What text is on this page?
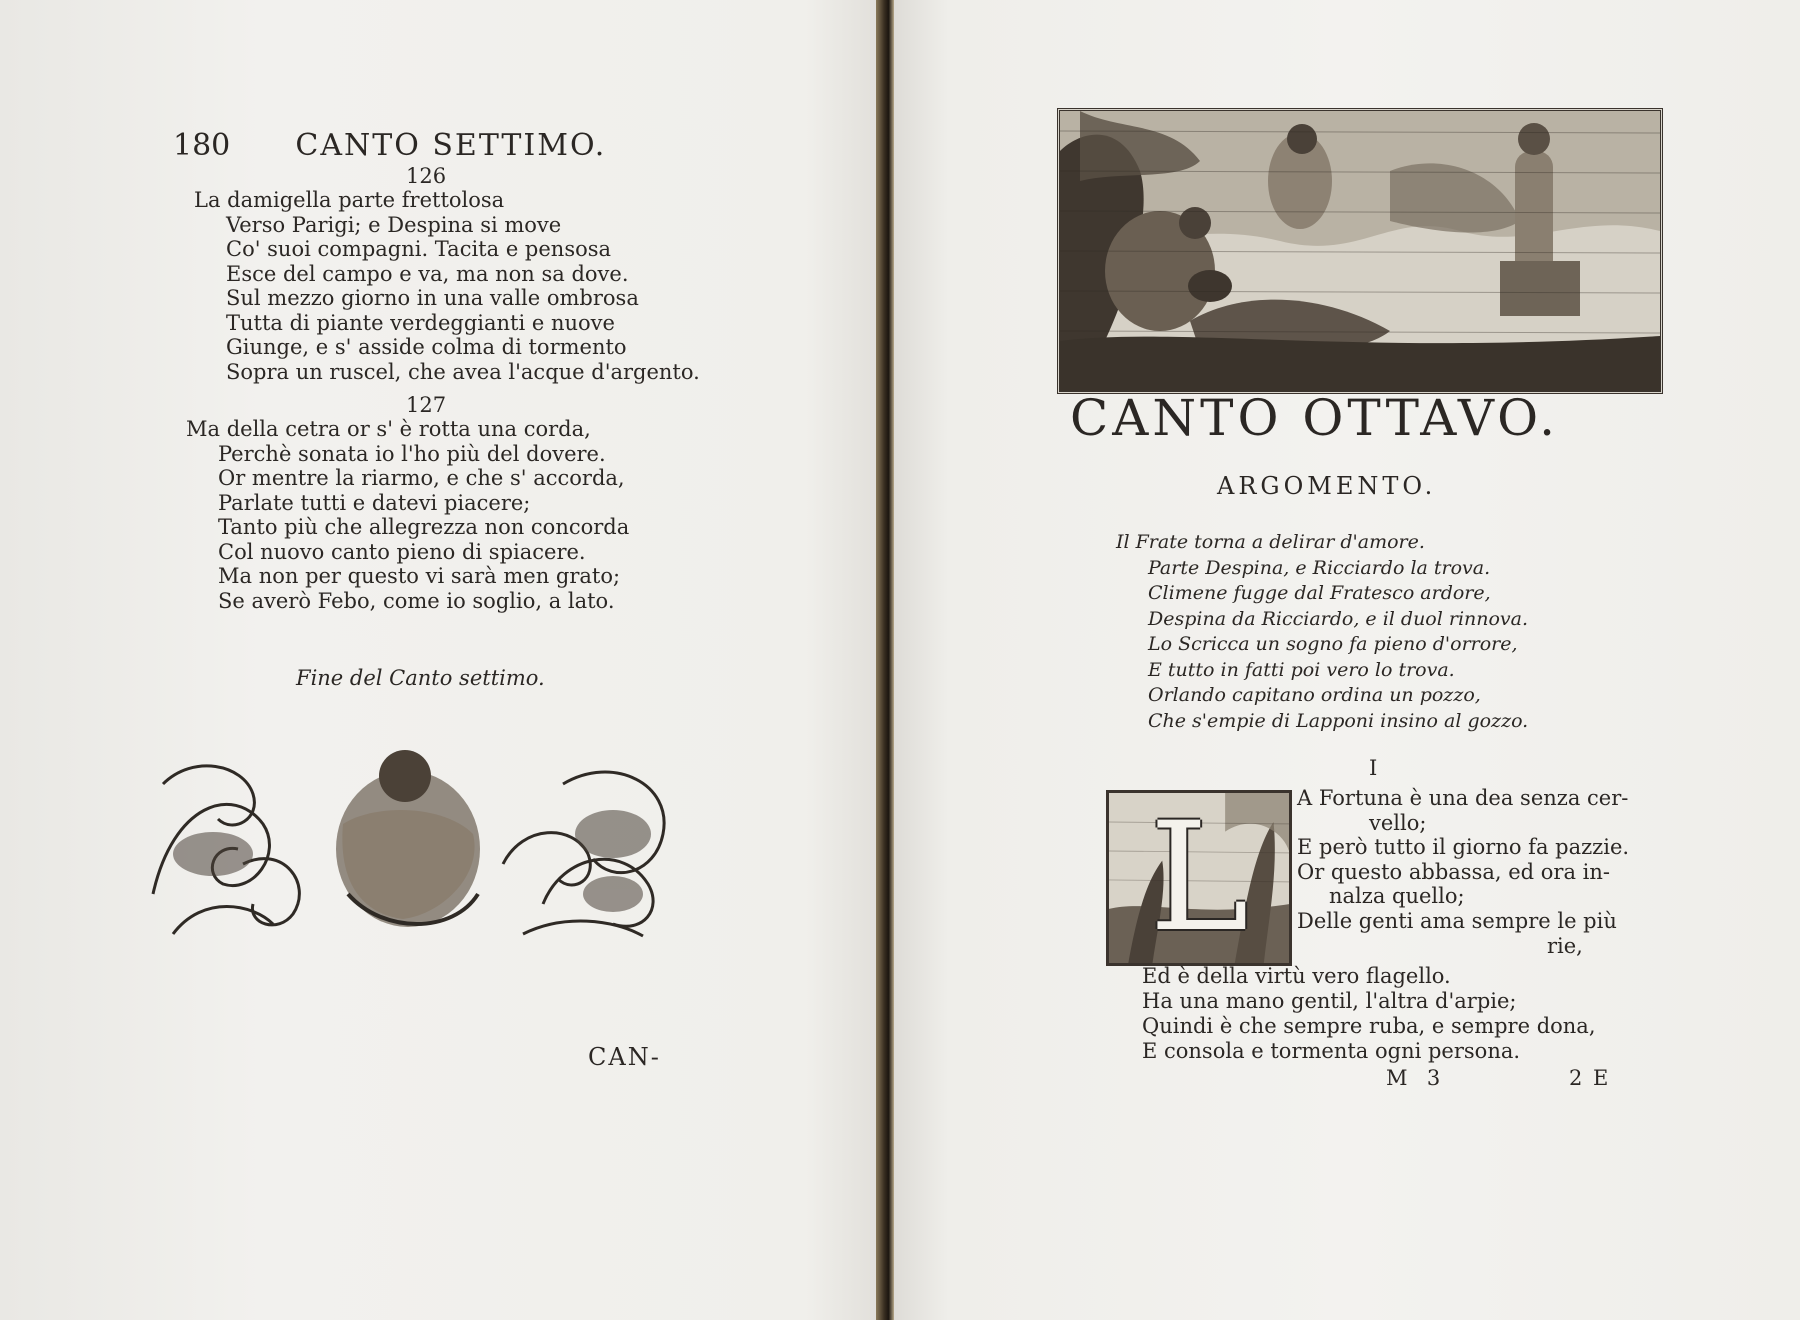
180 CANTO SETTIMO.
126
La damigella parte frettolosa
Verso Parigi; e Despina si move
Co' suoi compagni. Tacita e pensosa
Esce del campo e va, ma non sa dove.
Sul mezzo giorno in una valle ombrosa
Tutta di piante verdeggianti e nuove
Giunge, e s' asside colma di tormento
Sopra un ruscel, che avea l'acque d'argento.
127
Ma della cetra or s' è rotta una corda,
Perchè sonata io l'ho più del dovere.
Or mentre la riarmo, e che s' accorda,
Parlate tutti e datevi piacere;
Tanto più che allegrezza non concorda
Col nuovo canto pieno di spiacere.
Ma non per questo vi sarà men grato;
Se averò Febo, come io soglio, a lato.
Fine del Canto settimo.
CAN-
CANTO OTTAVO.
ARGOMENTO.
Il Frate torna a delirar d'amore.
Parte Despina, e Ricciardo la trova.
Climene fugge dal Fratesco ardore,
Despina da Ricciardo, e il duol rinnova.
Lo Scricca un sogno fa pieno d'orrore,
E tutto in fatti poi vero lo trova.
Orlando capitano ordina un pozzo,
Che s'empie di Lapponi insino al gozzo.
I
L	A Fortuna è una dea senza cer-
vello;
E però tutto il giorno fa pazzie.
Or questo abbassa, ed ora in-
nalza quello;
Delle genti ama sempre le più
rie,
Ed è della virtù vero flagello.
Ha una mano gentil, l'altra d'arpie;
Quindi è che sempre ruba, e sempre dona,
E consola e tormenta ogni persona.
M  3	2 E
